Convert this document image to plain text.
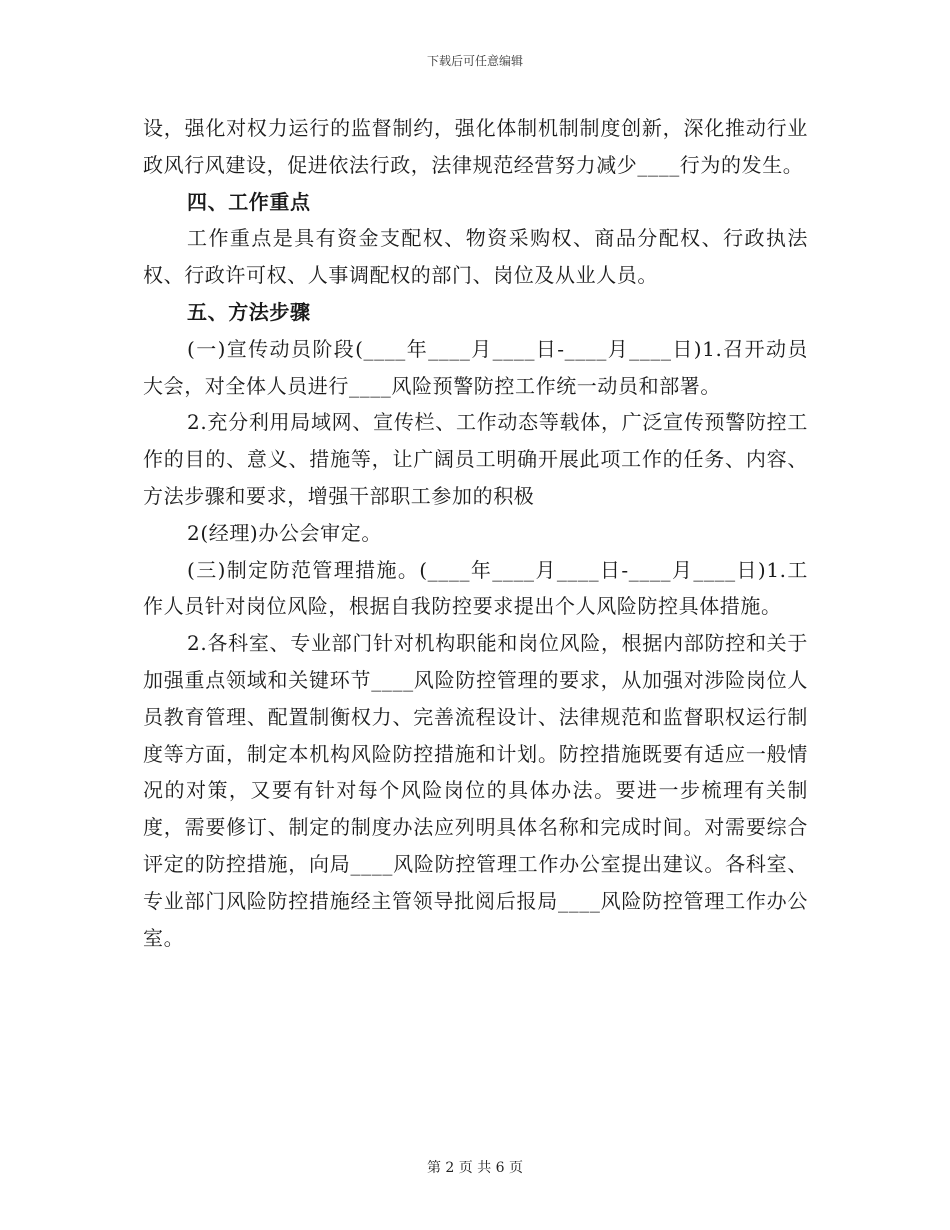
下载后可任意编辑

设，强化对权力运行的监督制约，强化体制机制制度创新，深化推动行业政风行风建设，促进依法行政，法律规范经营努力减少____行为的发生。

四、工作重点

工作重点是具有资金支配权、物资采购权、商品分配权、行政执法权、行政许可权、人事调配权的部门、岗位及从业人员。

五、方法步骤

(一)宣传动员阶段(____年____月____日-____月____日)1.召开动员大会，对全体人员进行____风险预警防控工作统一动员和部署。

2.充分利用局域网、宣传栏、工作动态等载体，广泛宣传预警防控工作的目的、意义、措施等，让广阔员工明确开展此项工作的任务、内容、方法步骤和要求，增强干部职工参加的积极

2(经理)办公会审定。

(三)制定防范管理措施。(____年____月____日-____月____日)1.工作人员针对岗位风险，根据自我防控要求提出个人风险防控具体措施。

2.各科室、专业部门针对机构职能和岗位风险，根据内部防控和关于加强重点领域和关键环节____风险防控管理的要求，从加强对涉险岗位人员教育管理、配置制衡权力、完善流程设计、法律规范和监督职权运行制度等方面，制定本机构风险防控措施和计划。防控措施既要有适应一般情况的对策，又要有针对每个风险岗位的具体办法。要进一步梳理有关制度，需要修订、制定的制度办法应列明具体名称和完成时间。对需要综合评定的防控措施，向局____风险防控管理工作办公室提出建议。各科室、专业部门风险防控措施经主管领导批阅后报局____风险防控管理工作办公室。

第 2 页 共 6 页
